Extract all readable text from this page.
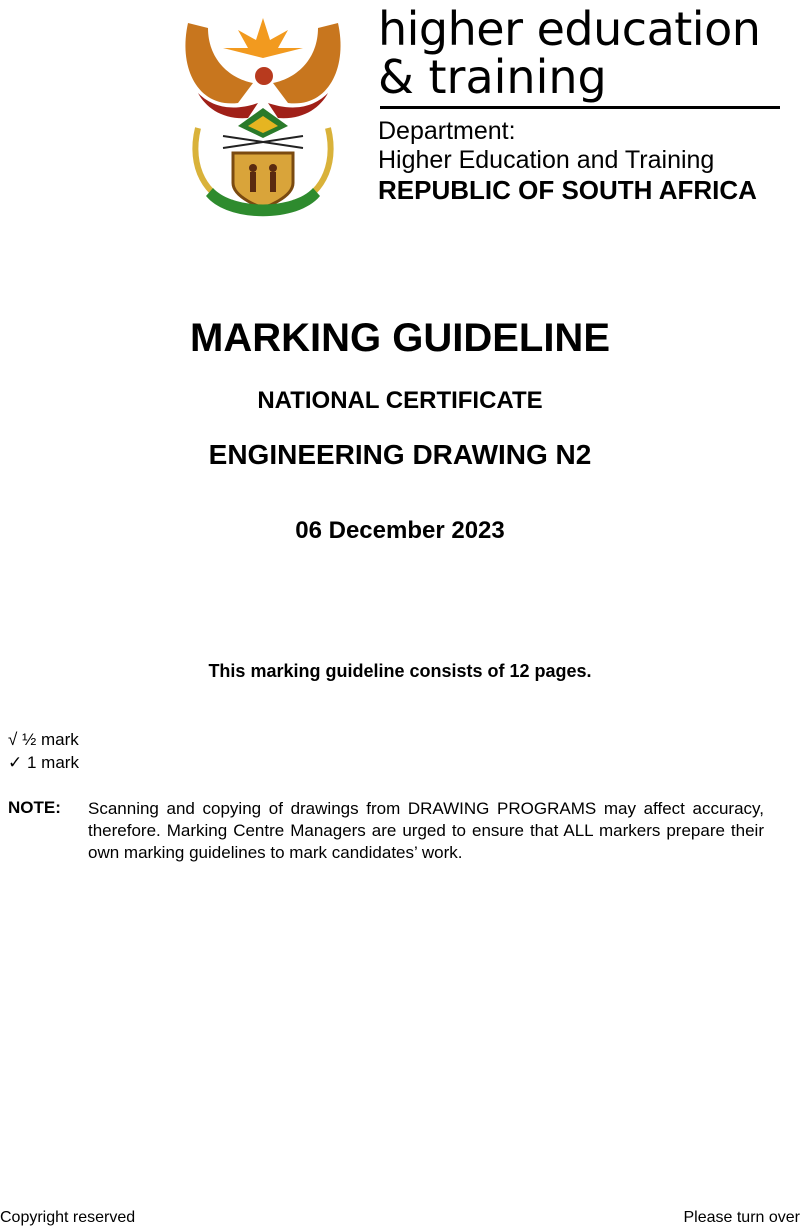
higher education
& training
Department:
Higher Education and Training
REPUBLIC OF SOUTH AFRICA
MARKING GUIDELINE
NATIONAL CERTIFICATE
ENGINEERING DRAWING N2
06 December 2023
This marking guideline consists of 12 pages.
√ ½ mark
✓ 1 mark
NOTE: Scanning and copying of drawings from DRAWING PROGRAMS may affect accuracy, therefore. Marking Centre Managers are urged to ensure that ALL markers prepare their own marking guidelines to mark candidates’ work.
Copyright reserved	Please turn over
